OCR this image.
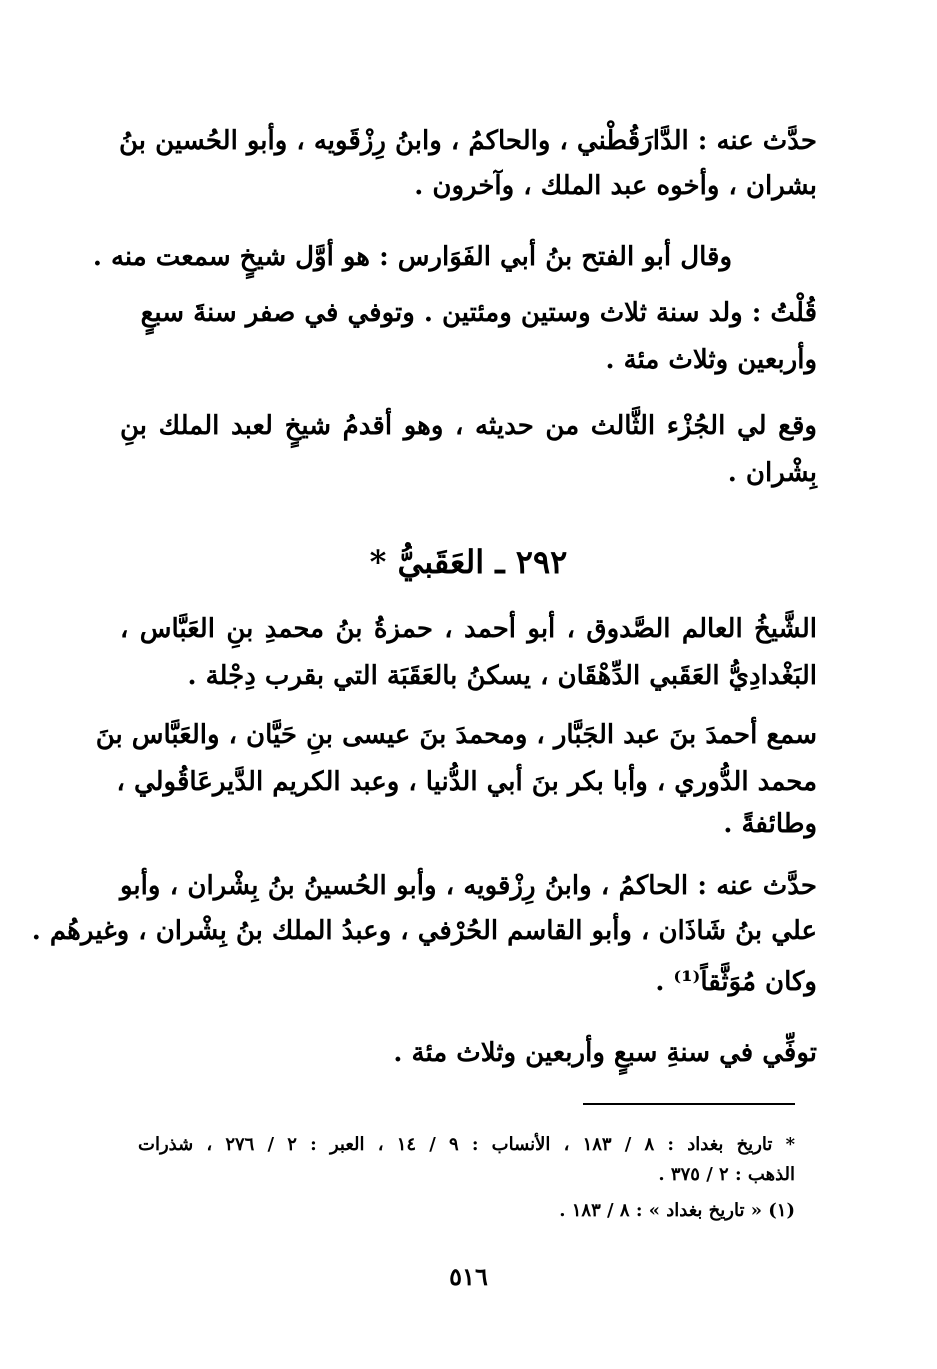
حدَّث عنه : الدَّارَقُطْني ، والحاكمُ ، وابنُ رِزْقَويه ، وأبو الحُسين بنُ
بشران ، وأخوه عبد الملك ، وآخرون .
وقال أبو الفتح بنُ أبي الفَوَارس : هو أوَّل شيخٍ سمعت منه .
قُلْتُ : ولد سنة ثلاث وستين ومئتين . وتوفي في صفر سنةَ سبعٍ
وأربعين وثلاث مئة .
وقع لي الجُزْء الثَّالث من حديثه ، وهو أقدمُ شيخٍ لعبد الملك بنِ
بِشْران .
٢٩٢ ـ العَقَبيُّ *
الشَّيخُ العالم الصَّدوق ، أبو أحمد ، حمزةُ بنُ محمدِ بنِ العَبَّاس ،
البَغْدادِيُّ العَقَبي الدِّهْقَان ، يسكنُ بالعَقَبَة التي بقرب دِجْلة .
سمع أحمدَ بنَ عبد الجَبَّار ، ومحمدَ بنَ عيسى بنِ حَيَّان ، والعَبَّاس بنَ
محمد الدُّوري ، وأبا بكر بنَ أبي الدُّنيا ، وعبد الكريم الدَّيرعَاقُولي ،
وطائفةً .
حدَّث عنه : الحاكمُ ، وابنُ رِزْقويه ، وأبو الحُسينُ بنُ بِشْران ، وأبو
علي بنُ شَاذَان ، وأبو القاسم الحُرْفي ، وعبدُ الملك بنُ بِشْران ، وغيرهُم .
وكان مُوَثَّقاً⁽¹⁾ .
توفِّي في سنةِ سبعٍ وأربعين وثلاث مئة .
* تاريخ بغداد : ٨ / ١٨٣ ، الأنساب : ٩ / ١٤ ، العبر : ٢ / ٢٧٦ ، شذرات
الذهب : ٢ / ٣٧٥ .
(١) « تاريخ بغداد » : ٨ / ١٨٣ .
٥١٦
